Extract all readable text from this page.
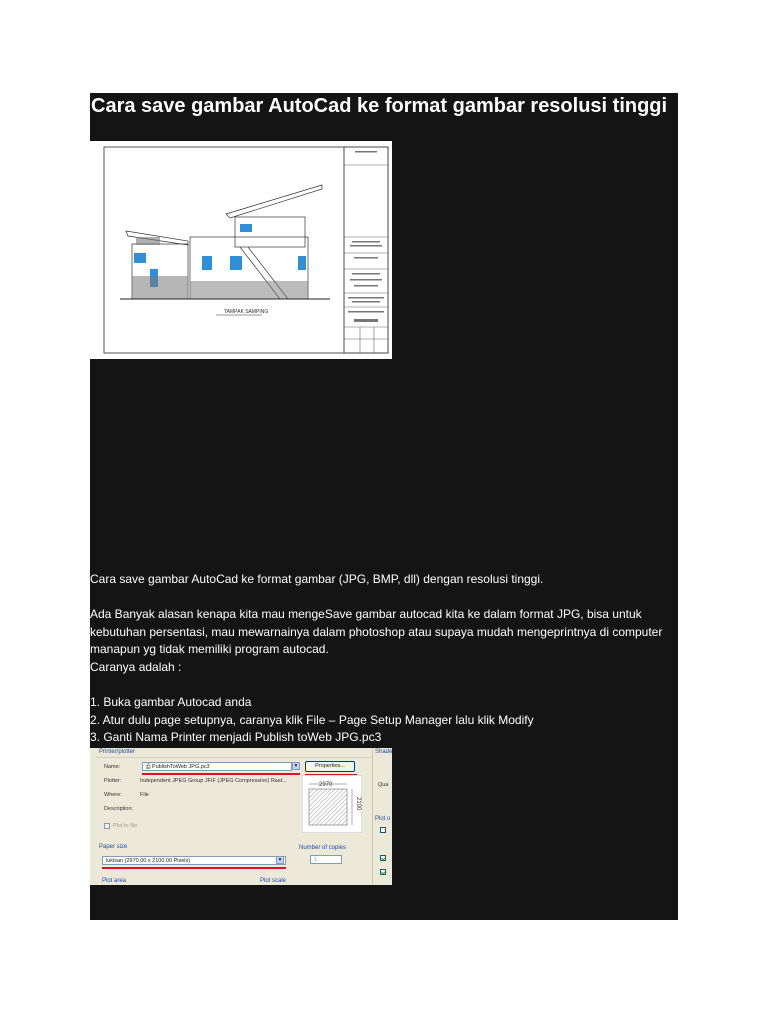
Cara save gambar AutoCad ke format gambar resolusi tinggi
TAMPAK SAMPING

Cara save gambar AutoCad ke format gambar (JPG, BMP, dll) dengan resolusi tinggi.

Ada Banyak alasan kenapa kita mau mengeSave gambar autocad kita ke dalam format JPG, bisa untuk kebutuhan persentasi, mau mewarnainya dalam photoshop atau supaya mudah mengeprintnya di computer manapun yg tidak memiliki program autocad.

Caranya adalah :

1. Buka gambar Autocad anda

2. Atur dulu page setupnya, caranya klik File – Page Setup Manager lalu klik Modify

3. Ganti Nama Printer menjadi Publish toWeb JPG.pc3

Printer/plotter
Name:	⎙ PublishToWeb JPG.pc3	▼	Properties...
Plotter:	Independent JPEG Group JFIF (JPEG Compression) Rast...
Where:	File
Description:
Plot to file
2970
2100
Paper size
lukisan (2970.00 x 2100.00 Pixels)	▼
Number of copies
1
Plot area	Plot scale
Shade
Qua
Plot o
